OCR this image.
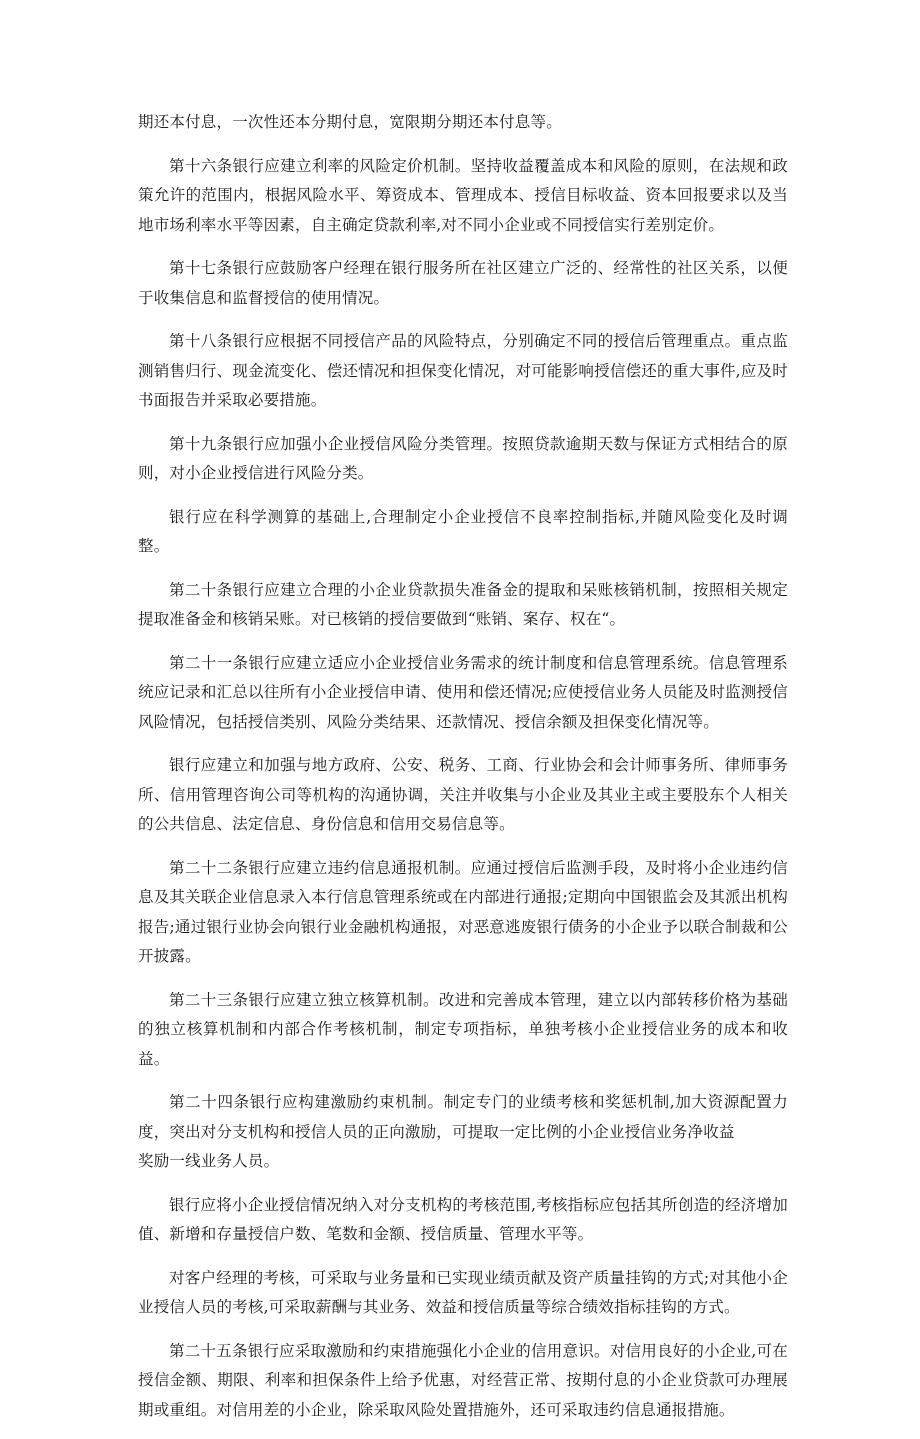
期还本付息，一次性还本分期付息，宽限期分期还本付息等。

第十六条银行应建立利率的风险定价机制。坚持收益覆盖成本和风险的原则，在法规和政策允许的范围内，根据风险水平、筹资成本、管理成本、授信目标收益、资本回报要求以及当地市场利率水平等因素，自主确定贷款利率,对不同小企业或不同授信实行差别定价。

第十七条银行应鼓励客户经理在银行服务所在社区建立广泛的、经常性的社区关系，以便于收集信息和监督授信的使用情况。

第十八条银行应根据不同授信产品的风险特点，分别确定不同的授信后管理重点。重点监测销售归行、现金流变化、偿还情况和担保变化情况，对可能影响授信偿还的重大事件,应及时书面报告并采取必要措施。

第十九条银行应加强小企业授信风险分类管理。按照贷款逾期天数与保证方式相结合的原则，对小企业授信进行风险分类。

银行应在科学测算的基础上,合理制定小企业授信不良率控制指标,并随风险变化及时调整。

第二十条银行应建立合理的小企业贷款损失准备金的提取和呆账核销机制，按照相关规定提取准备金和核销呆账。对已核销的授信要做到“账销、案存、权在“。

第二十一条银行应建立适应小企业授信业务需求的统计制度和信息管理系统。信息管理系统应记录和汇总以往所有小企业授信申请、使用和偿还情况;应使授信业务人员能及时监测授信风险情况，包括授信类别、风险分类结果、还款情况、授信余额及担保变化情况等。

银行应建立和加强与地方政府、公安、税务、工商、行业协会和会计师事务所、律师事务所、信用管理咨询公司等机构的沟通协调，关注并收集与小企业及其业主或主要股东个人相关的公共信息、法定信息、身份信息和信用交易信息等。

第二十二条银行应建立违约信息通报机制。应通过授信后监测手段，及时将小企业违约信息及其关联企业信息录入本行信息管理系统或在内部进行通报;定期向中国银监会及其派出机构报告;通过银行业协会向银行业金融机构通报，对恶意逃废银行债务的小企业予以联合制裁和公开披露。

第二十三条银行应建立独立核算机制。改进和完善成本管理，建立以内部转移价格为基础的独立核算机制和内部合作考核机制，制定专项指标，单独考核小企业授信业务的成本和收益。

第二十四条银行应构建激励约束机制。制定专门的业绩考核和奖惩机制,加大资源配置力度，突出对分支机构和授信人员的正向激励，可提取一定比例的小企业授信业务净收益

奖励一线业务人员。

银行应将小企业授信情况纳入对分支机构的考核范围,考核指标应包括其所创造的经济增加值、新增和存量授信户数、笔数和金额、授信质量、管理水平等。

对客户经理的考核，可采取与业务量和已实现业绩贡献及资产质量挂钩的方式;对其他小企业授信人员的考核,可采取薪酬与其业务、效益和授信质量等综合绩效指标挂钩的方式。

第二十五条银行应采取激励和约束措施强化小企业的信用意识。对信用良好的小企业,可在授信金额、期限、利率和担保条件上给予优惠，对经营正常、按期付息的小企业贷款可办理展期或重组。对信用差的小企业，除采取风险处置措施外，还可采取违约信息通报措施。
